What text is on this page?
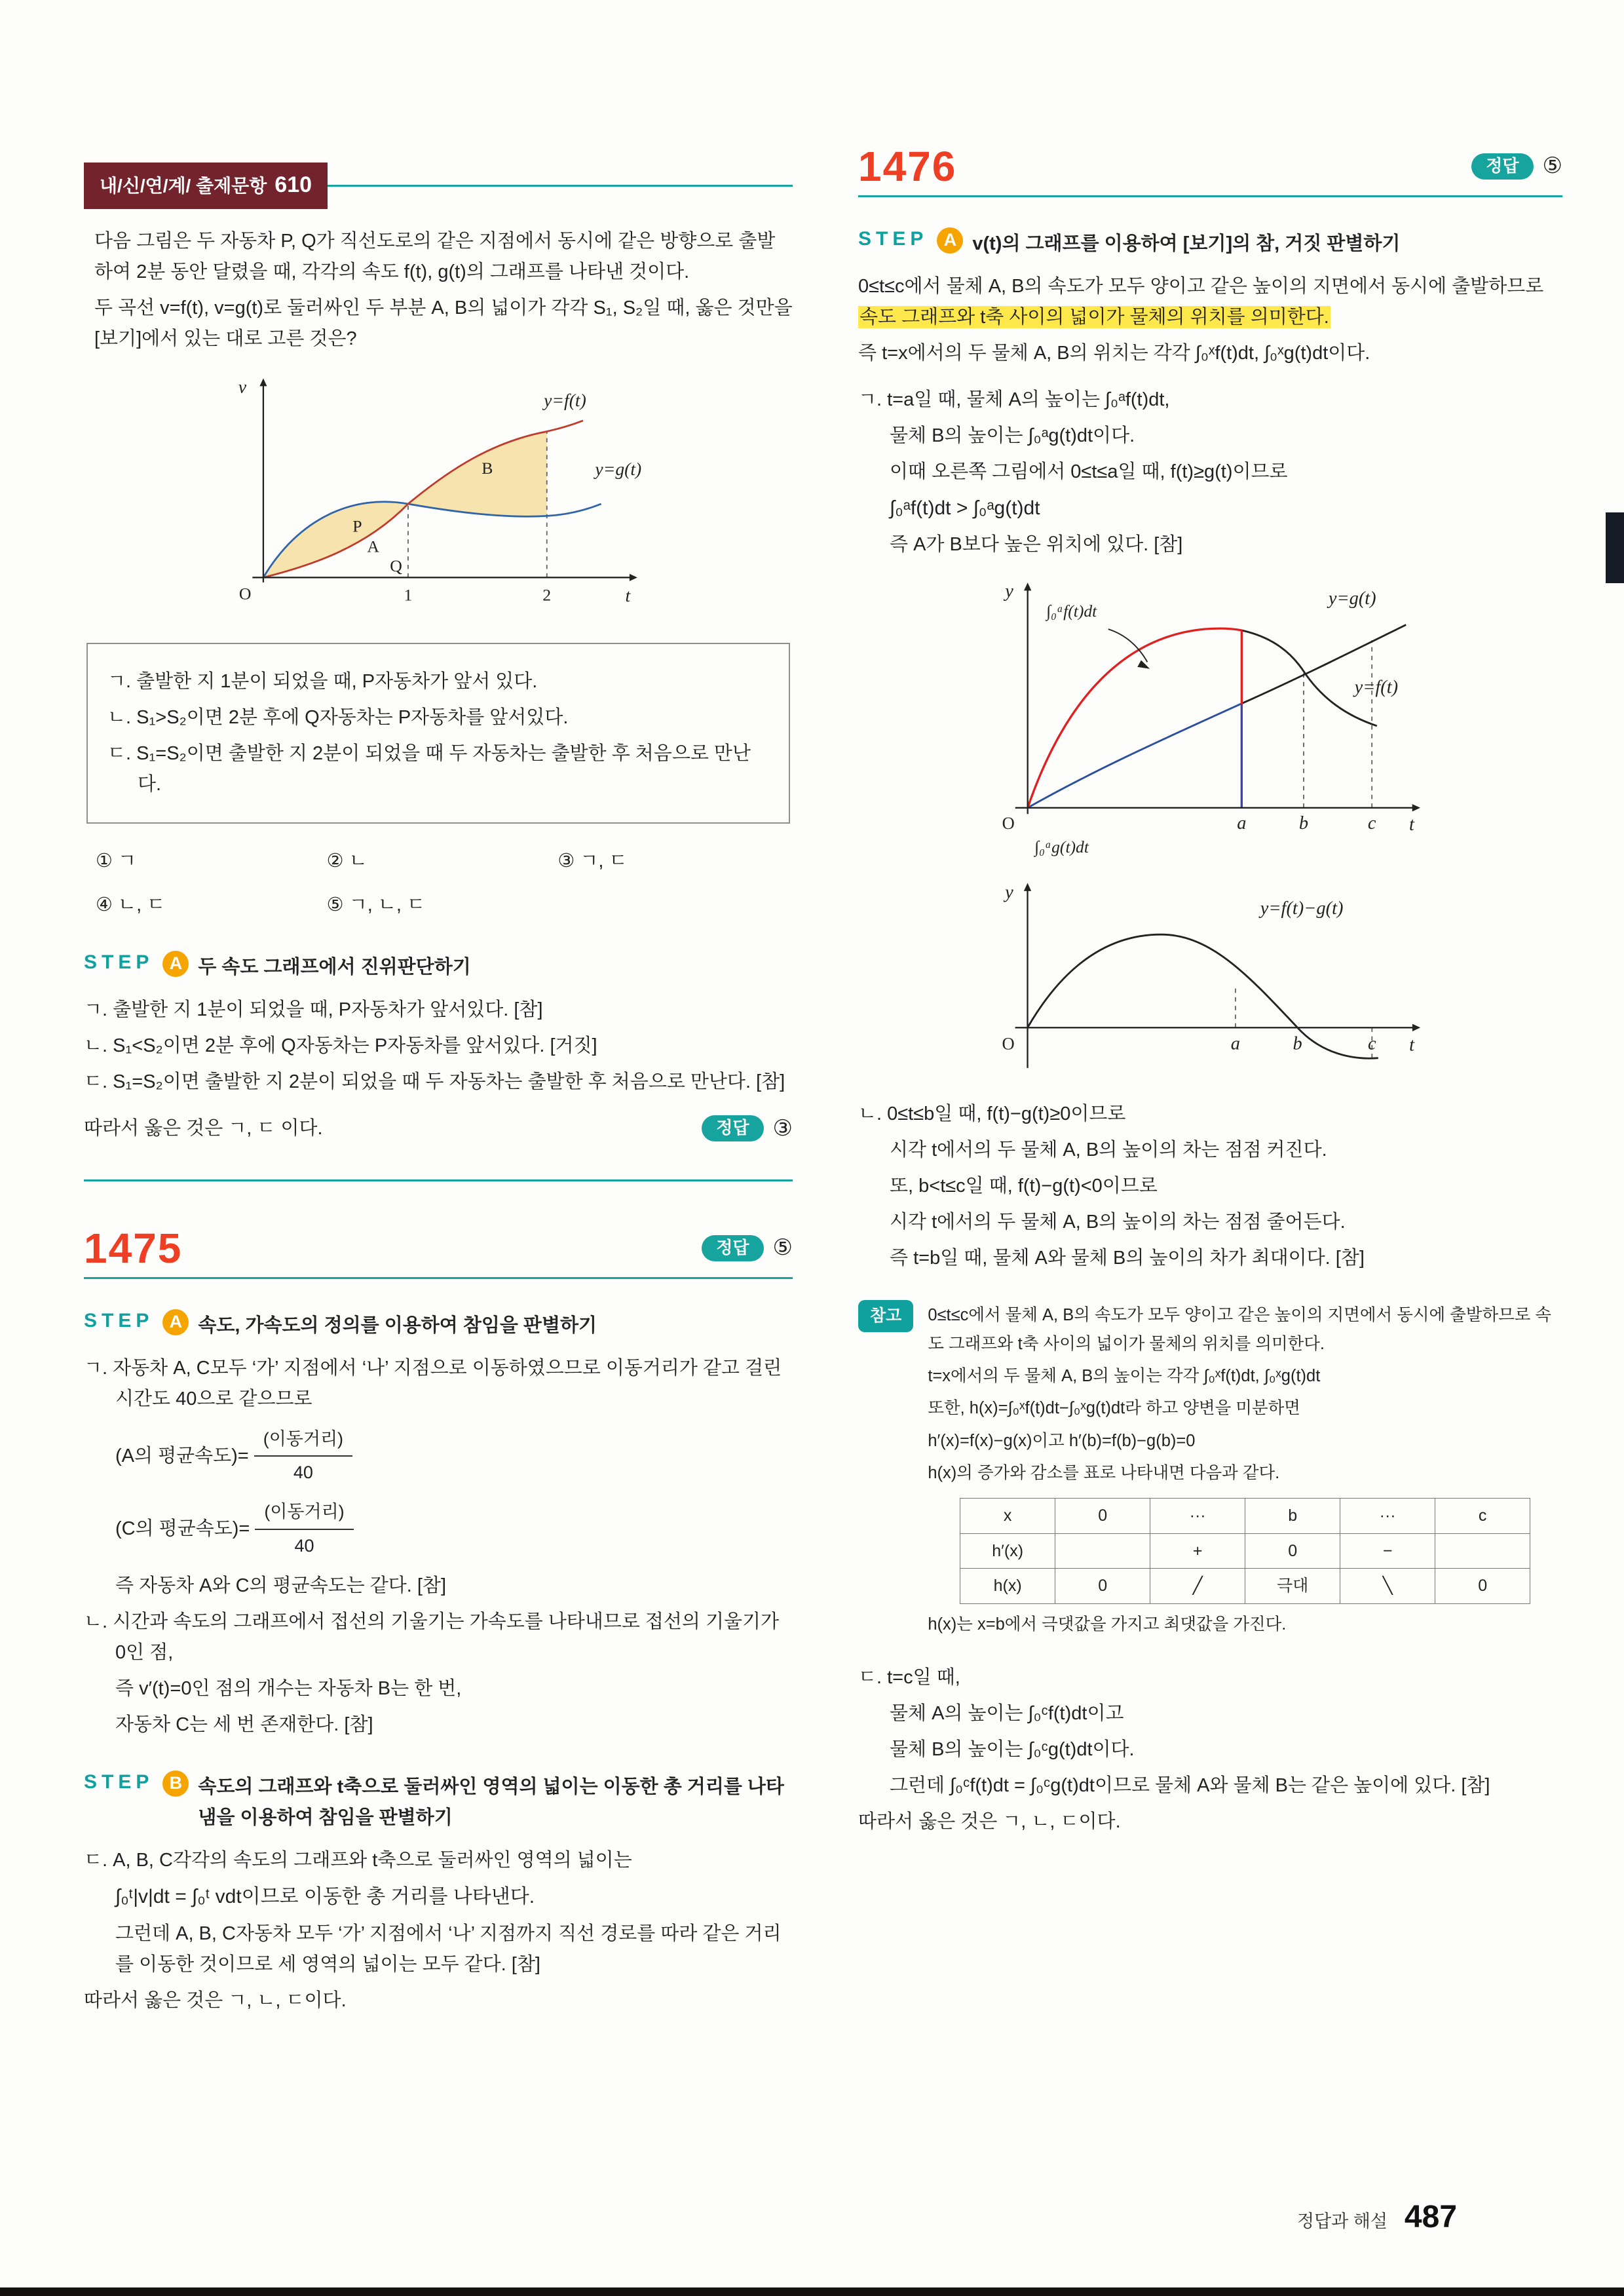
내/신/연/계/ 출제문항 610

다음 그림은 두 자동차 P, Q가 직선도로의 같은 지점에서 동시에 같은 방향으로 출발하여 2분 동안 달렸을 때, 각각의 속도 f(t), g(t)의 그래프를 나타낸 것이다.

두 곡선 v=f(t), v=g(t)로 둘러싸인 두 부분 A, B의 넓이가 각각 S₁, S₂일 때, 옳은 것만을 [보기]에서 있는 대로 고른 것은?

v
t
O	1	2
y=f(t)
y=g(t)
P
A
Q
B

ㄱ. 출발한 지 1분이 되었을 때, P자동차가 앞서 있다.

ㄴ. S₁>S₂이면 2분 후에 Q자동차는 P자동차를 앞서있다.

ㄷ. S₁=S₂이면 출발한 지 2분이 되었을 때 두 자동차는 출발한 후 처음으로 만난다.

① ㄱ	② ㄴ	③ ㄱ, ㄷ
④ ㄴ, ㄷ	⑤ ㄱ, ㄴ, ㄷ
STEP A 두 속도 그래프에서 진위판단하기

ㄱ. 출발한 지 1분이 되었을 때, P자동차가 앞서있다. [참]

ㄴ. S₁<S₂이면 2분 후에 Q자동차는 P자동차를 앞서있다. [거짓]

ㄷ. S₁=S₂이면 출발한 지 2분이 되었을 때 두 자동차는 출발한 후 처음으로 만난다. [참]

따라서 옳은 것은 ㄱ, ㄷ 이다.	정답	③
1475	정답	⑤
STEP A 속도, 가속도의 정의를 이용하여 참임을 판별하기

ㄱ. 자동차 A, C모두 ‘가’ 지점에서 ‘나’ 지점으로 이동하였으므로 이동거리가 같고 걸린시간도 40으로 같으므로

(A의 평균속도)= $\frac{\text{(이동거리)}}{40}$
(C의 평균속도)= $\frac{\text{(이동거리)}}{40}$

즉 자동차 A와 C의 평균속도는 같다. [참]

ㄴ. 시간과 속도의 그래프에서 접선의 기울기는 가속도를 나타내므로 접선의 기울기가 0인 점,

즉 v′(t)=0인 점의 개수는 자동차 B는 한 번,

자동차 C는 세 번 존재한다. [참]

STEP B 속도의 그래프와 t축으로 둘러싸인 영역의 넓이는 이동한 총 거리를 나타냄을 이용하여 참임을 판별하기

ㄷ. A, B, C각각의 속도의 그래프와 t축으로 둘러싸인 영역의 넓이는

∫₀ᵗ|v|dt = ∫₀ᵗ vdt이므로 이동한 총 거리를 나타낸다.

그런데 A, B, C자동차 모두 ‘가’ 지점에서 ‘나’ 지점까지 직선 경로를 따라 같은 거리를 이동한 것이므로 세 영역의 넓이는 모두 같다. [참]

따라서 옳은 것은 ㄱ, ㄴ, ㄷ이다.

1476	정답	⑤
STEP A v(t)의 그래프를 이용하여 [보기]의 참, 거짓 판별하기

0≤t≤c에서 물체 A, B의 속도가 모두 양이고 같은 높이의 지면에서 동시에 출발하므로 속도 그래프와 t축 사이의 넓이가 물체의 위치를 의미한다.

즉 t=x에서의 두 물체 A, B의 위치는 각각 ∫₀ˣf(t)dt, ∫₀ˣg(t)dt이다.

ㄱ. t=a일 때, 물체 A의 높이는 ∫₀ᵃf(t)dt,

물체 B의 높이는 ∫₀ᵃg(t)dt이다.

이때 오른쪽 그림에서 0≤t≤a일 때, f(t)≥g(t)이므로

∫₀ᵃf(t)dt > ∫₀ᵃg(t)dt

즉 A가 B보다 높은 위치에 있다. [참]

y
t
O	a	b	c
y=g(t)
y=f(t)
∫₀ᵃf(t)dt
∫₀ᵃg(t)dt
y
t
O	a	b	c
y=f(t)−g(t)

ㄴ. 0≤t≤b일 때, f(t)−g(t)≥0이므로

시각 t에서의 두 물체 A, B의 높이의 차는 점점 커진다.

또, b<t≤c일 때, f(t)−g(t)<0이므로

시각 t에서의 두 물체 A, B의 높이의 차는 점점 줄어든다.

즉 t=b일 때, 물체 A와 물체 B의 높이의 차가 최대이다. [참]

참고	0≤t≤c에서 물체 A, B의 속도가 모두 양이고 같은 높이의 지면에서 동시에 출발하므로 속도 그래프와 t축 사이의 넓이가 물체의 위치를 의미한다.

t=x에서의 두 물체 A, B의 높이는 각각 ∫₀ˣf(t)dt, ∫₀ˣg(t)dt

또한, h(x)=∫₀ˣf(t)dt−∫₀ˣg(t)dt라 하고 양변을 미분하면

h′(x)=f(x)−g(x)이고 h′(b)=f(b)−g(b)=0

h(x)의 증가와 감소를 표로 나타내면 다음과 같다.

x	0	···	b	···	c
h′(x)		+	0	−	
h(x)	0	╱	극대	╲	0

h(x)는 x=b에서 극댓값을 가지고 최댓값을 가진다.

ㄷ. t=c일 때,

물체 A의 높이는 ∫₀ᶜf(t)dt이고

물체 B의 높이는 ∫₀ᶜg(t)dt이다.

그런데 ∫₀ᶜf(t)dt = ∫₀ᶜg(t)dt이므로 물체 A와 물체 B는 같은 높이에 있다. [참]

따라서 옳은 것은 ㄱ, ㄴ, ㄷ이다.

정답과 해설 487
